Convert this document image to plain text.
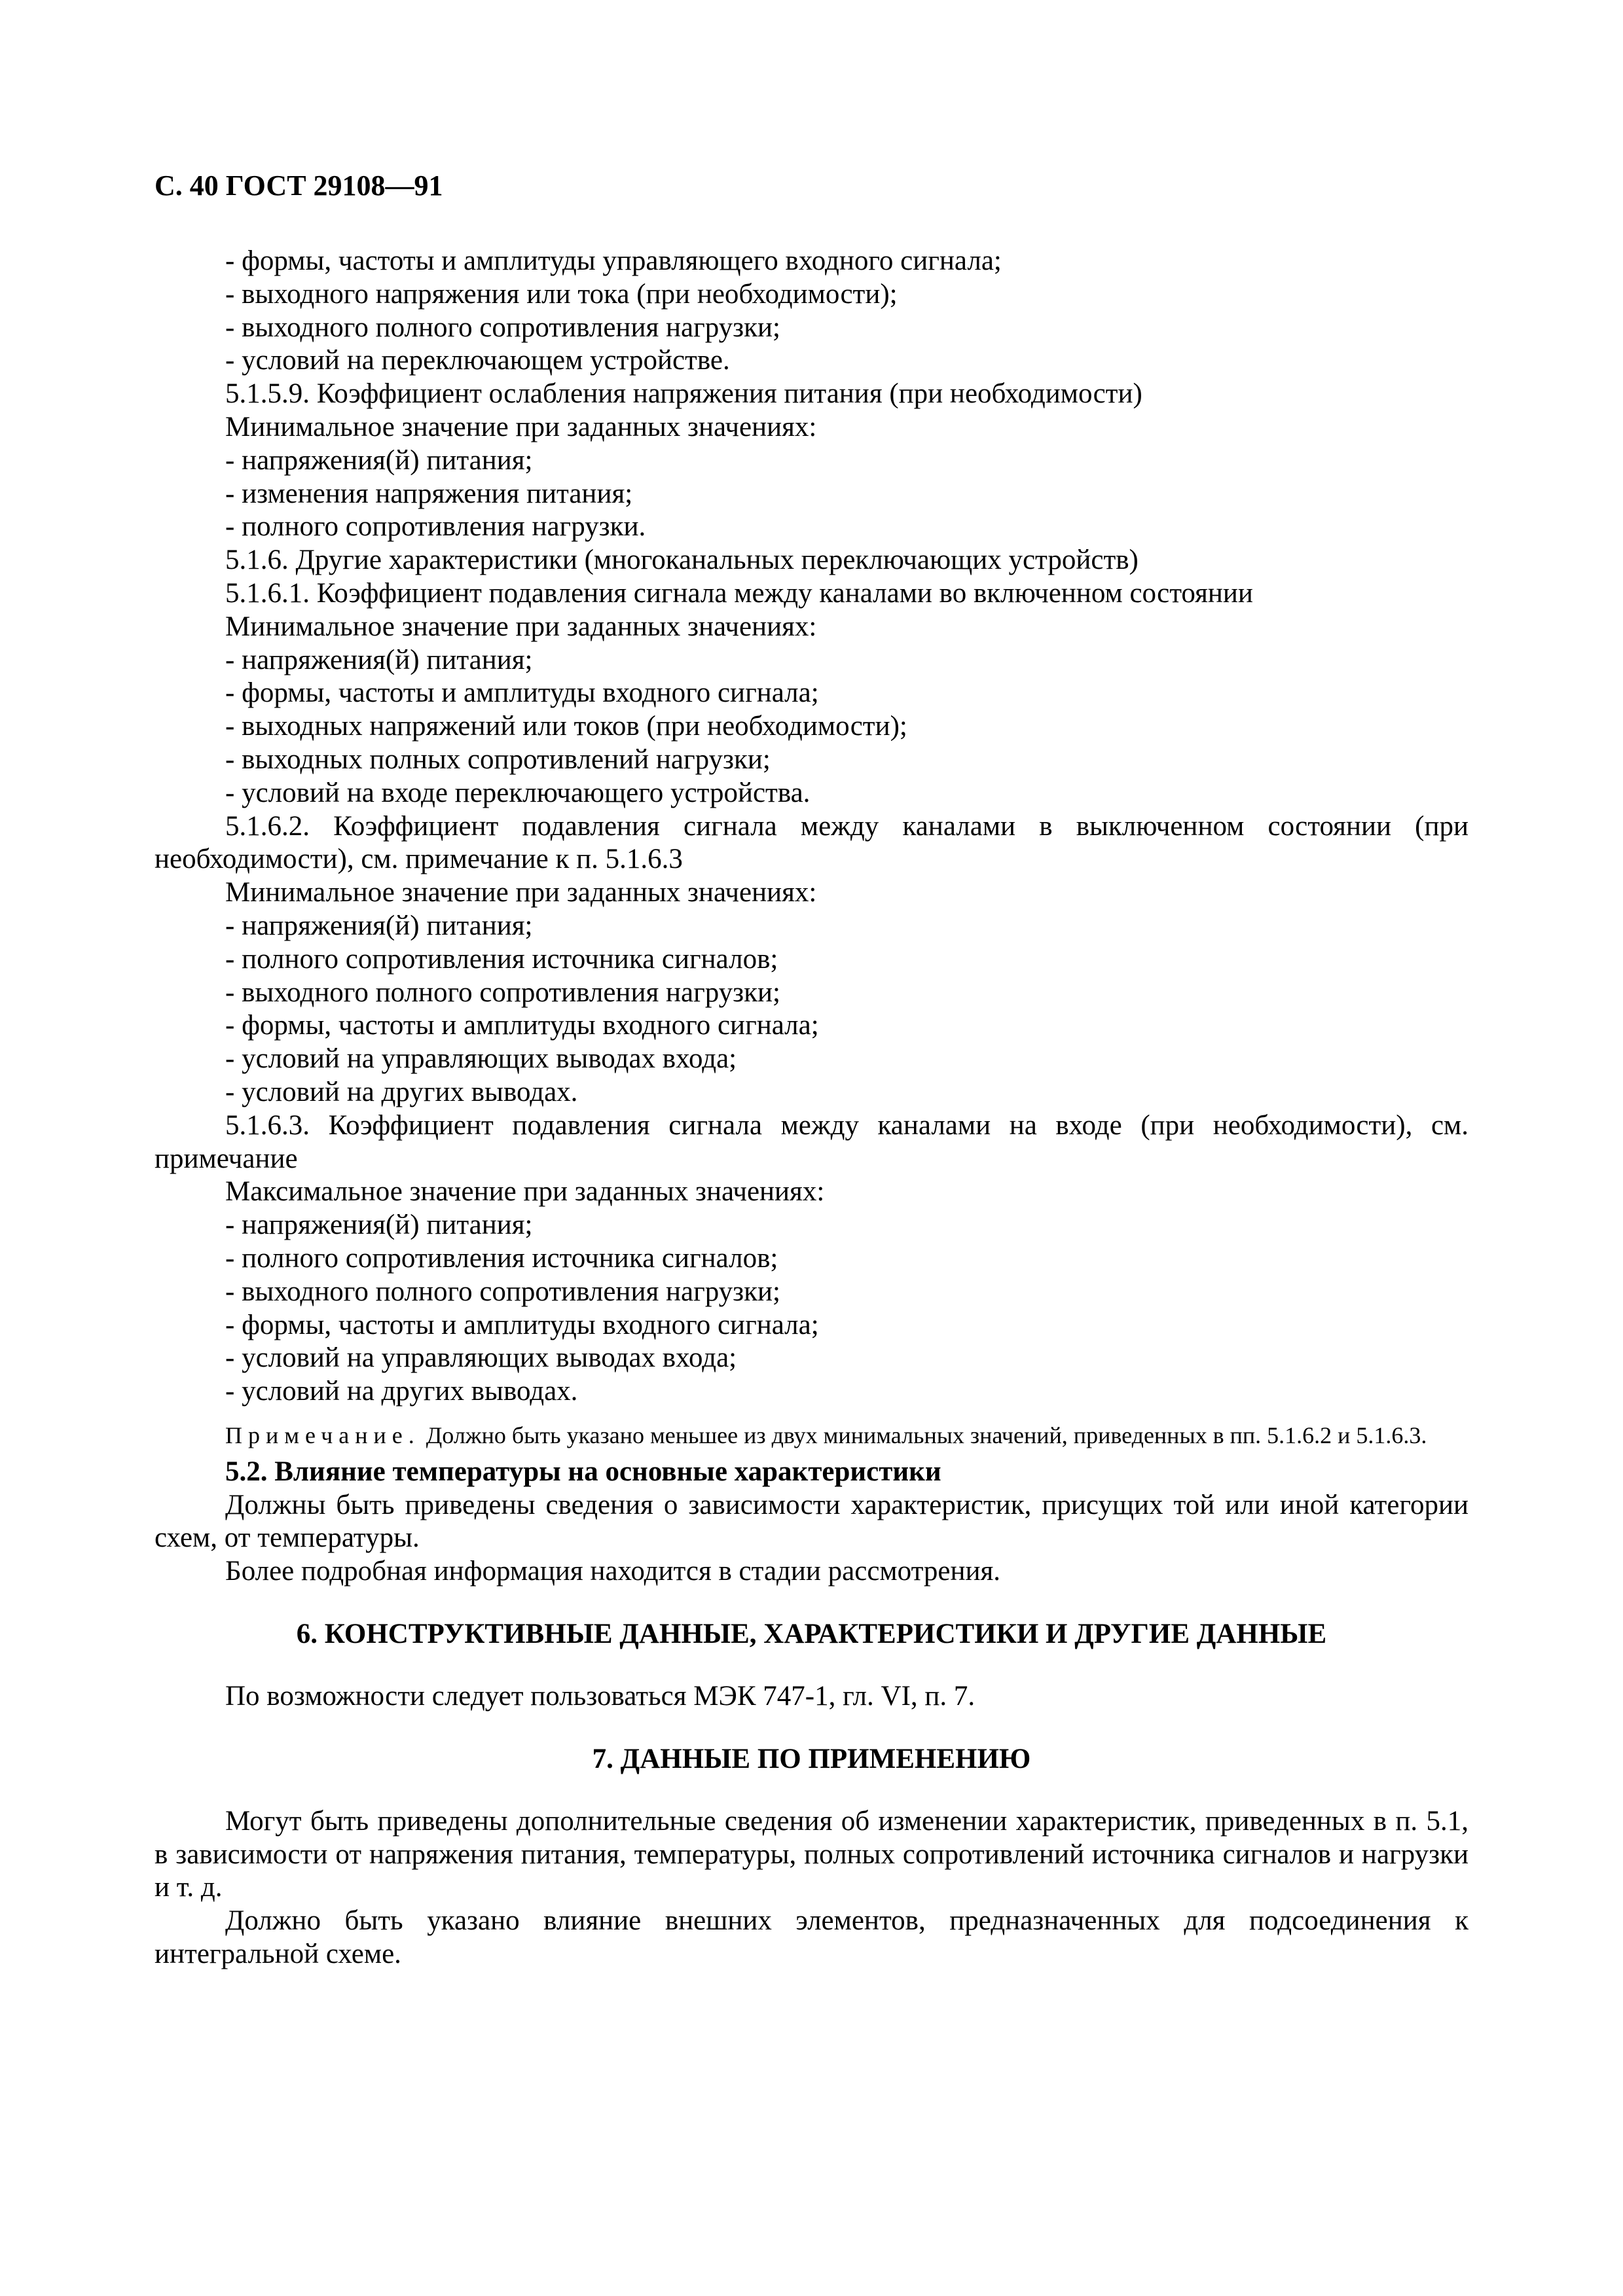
С. 40 ГОСТ 29108—91
- формы, частоты и амплитуды управляющего входного сигнала;
- выходного напряжения или тока (при необходимости);
- выходного полного сопротивления нагрузки;
- условий на переключающем устройстве.
5.1.5.9. Коэффициент ослабления напряжения питания (при необходимости)
Минимальное значение при заданных значениях:
- напряжения(й) питания;
- изменения напряжения питания;
- полного сопротивления нагрузки.
5.1.6. Другие характеристики (многоканальных переключающих устройств)
5.1.6.1. Коэффициент подавления сигнала между каналами во включенном состоянии
Минимальное значение при заданных значениях:
- напряжения(й) питания;
- формы, частоты и амплитуды входного сигнала;
- выходных напряжений или токов (при необходимости);
- выходных полных сопротивлений нагрузки;
- условий на входе переключающего устройства.
5.1.6.2. Коэффициент подавления сигнала между каналами в выключенном состоянии (при необходимости), см. примечание к п. 5.1.6.3
Минимальное значение при заданных значениях:
- напряжения(й) питания;
- полного сопротивления источника сигналов;
- выходного полного сопротивления нагрузки;
- формы, частоты и амплитуды входного сигнала;
- условий на управляющих выводах входа;
- условий на других выводах.
5.1.6.3. Коэффициент подавления сигнала между каналами на входе (при необходимости), см. примечание
Максимальное значение при заданных значениях:
- напряжения(й) питания;
- полного сопротивления источника сигналов;
- выходного полного сопротивления нагрузки;
- формы, частоты и амплитуды входного сигнала;
- условий на управляющих выводах входа;
- условий на других выводах.
Примечание. Должно быть указано меньшее из двух минимальных значений, приведенных в пп. 5.1.6.2 и 5.1.6.3.
5.2. Влияние температуры на основные характеристики
Должны быть приведены сведения о зависимости характеристик, присущих той или иной категории схем, от температуры.
Более подробная информация находится в стадии рассмотрения.
6. КОНСТРУКТИВНЫЕ ДАННЫЕ, ХАРАКТЕРИСТИКИ И ДРУГИЕ ДАННЫЕ
По возможности следует пользоваться МЭК 747-1, гл. VI, п. 7.
7. ДАННЫЕ ПО ПРИМЕНЕНИЮ
Могут быть приведены дополнительные сведения об изменении характеристик, приведенных в п. 5.1, в зависимости от напряжения питания, температуры, полных сопротивлений источника сигналов и нагрузки и т. д.
Должно быть указано влияние внешних элементов, предназначенных для подсоединения к интегральной схеме.
